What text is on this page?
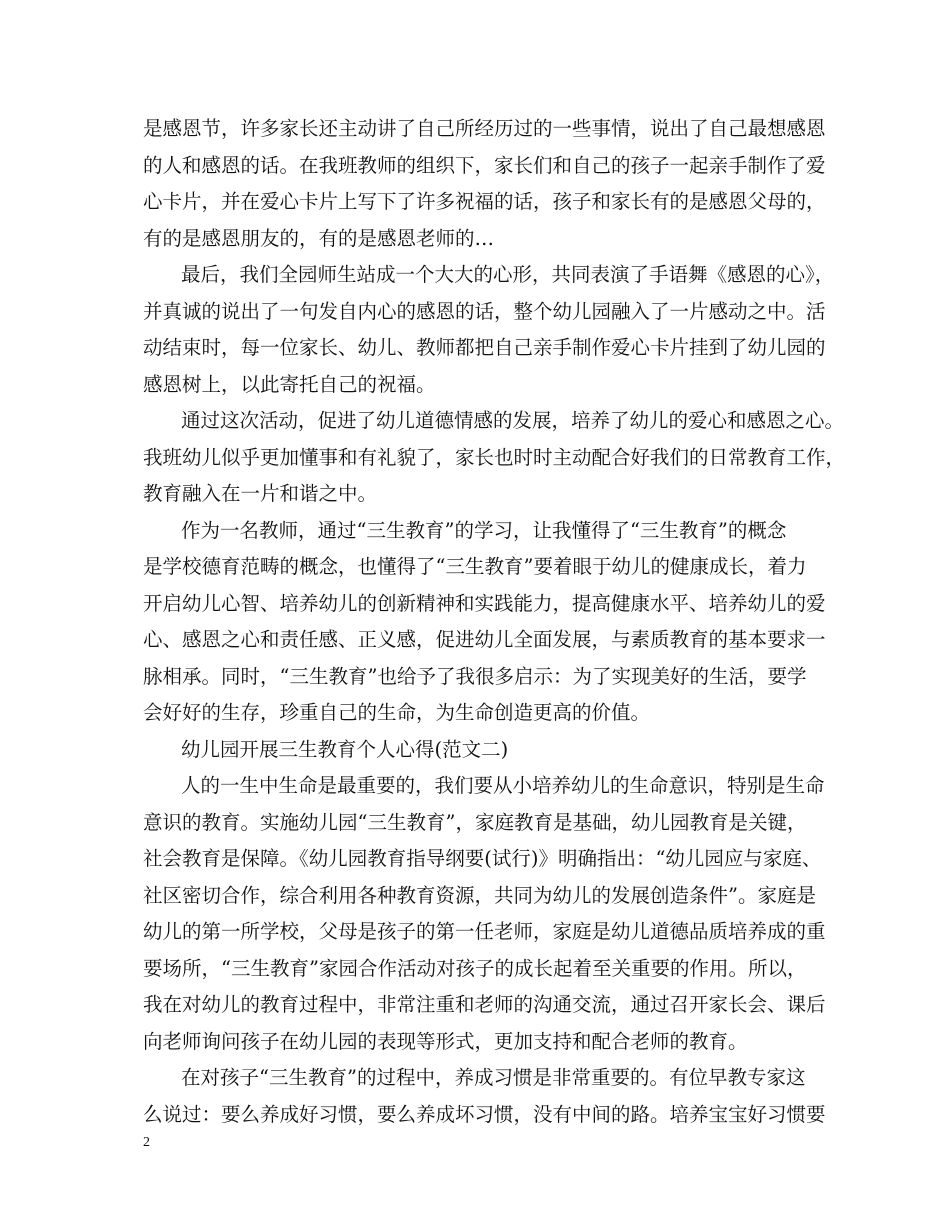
是感恩节，许多家长还主动讲了自己所经历过的一些事情，说出了自己最想感恩
的人和感恩的话。在我班教师的组织下，家长们和自己的孩子一起亲手制作了爱
心卡片，并在爱心卡片上写下了许多祝福的话，孩子和家长有的是感恩父母的，
有的是感恩朋友的，有的是感恩老师的…
最后，我们全园师生站成一个大大的心形，共同表演了手语舞《感恩的心》，
并真诚的说出了一句发自内心的感恩的话，整个幼儿园融入了一片感动之中。活
动结束时，每一位家长、幼儿、教师都把自己亲手制作爱心卡片挂到了幼儿园的
感恩树上，以此寄托自己的祝福。
通过这次活动，促进了幼儿道德情感的发展，培养了幼儿的爱心和感恩之心。
我班幼儿似乎更加懂事和有礼貌了，家长也时时主动配合好我们的日常教育工作，
教育融入在一片和谐之中。
作为一名教师，通过“三生教育”的学习，让我懂得了“三生教育”的概念
是学校德育范畴的概念，也懂得了“三生教育”要着眼于幼儿的健康成长，着力
开启幼儿心智、培养幼儿的创新精神和实践能力，提高健康水平、培养幼儿的爱
心、感恩之心和责任感、正义感，促进幼儿全面发展，与素质教育的基本要求一
脉相承。同时，“三生教育”也给予了我很多启示：为了实现美好的生活，要学
会好好的生存，珍重自己的生命，为生命创造更高的价值。
幼儿园开展三生教育个人心得(范文二)
人的一生中生命是最重要的，我们要从小培养幼儿的生命意识，特别是生命
意识的教育。实施幼儿园“三生教育”，家庭教育是基础，幼儿园教育是关键，
社会教育是保障。《幼儿园教育指导纲要(试行)》明确指出：“幼儿园应与家庭、
社区密切合作，综合利用各种教育资源，共同为幼儿的发展创造条件”。家庭是
幼儿的第一所学校，父母是孩子的第一任老师，家庭是幼儿道德品质培养成的重
要场所，“三生教育”家园合作活动对孩子的成长起着至关重要的作用。所以，
我在对幼儿的教育过程中，非常注重和老师的沟通交流，通过召开家长会、课后
向老师询问孩子在幼儿园的表现等形式，更加支持和配合老师的教育。
在对孩子“三生教育”的过程中，养成习惯是非常重要的。有位早教专家这
么说过：要么养成好习惯，要么养成坏习惯，没有中间的路。培养宝宝好习惯要
2
